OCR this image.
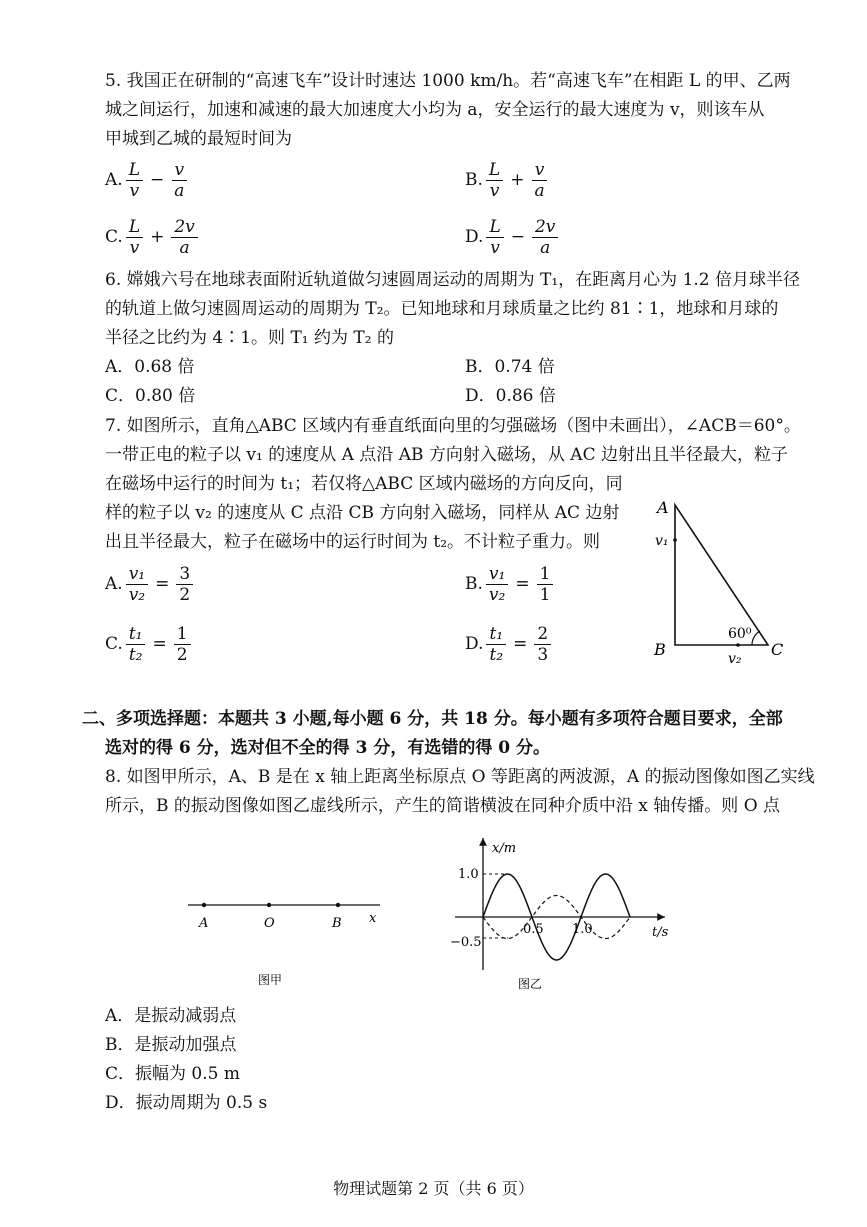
5. 我国正在研制的“高速飞车”设计时速达 1000 km/h。若“高速飞车”在相距 L 的甲、乙两
城之间运行，加速和减速的最大加速度大小均为 a，安全运行的最大速度为 v，则该车从
甲城到乙城的最短时间为
A. $\frac{L}{v} - \frac{v}{a}$	B. $\frac{L}{v} + \frac{v}{a}$
C. $\frac{L}{v} + \frac{2v}{a}$	D. $\frac{L}{v} - \frac{2v}{a}$
6. 嫦娥六号在地球表面附近轨道做匀速圆周运动的周期为 T₁，在距离月心为 1.2 倍月球半径
的轨道上做匀速圆周运动的周期为 T₂。已知地球和月球质量之比约 81∶1，地球和月球的
半径之比约为 4∶1。则 T₁ 约为 T₂ 的
A．0.68 倍	B．0.74 倍
C．0.80 倍	D．0.86 倍
7. 如图所示，直角△ABC 区域内有垂直纸面向里的匀强磁场（图中未画出），∠ACB＝60°。
一带正电的粒子以 v₁ 的速度从 A 点沿 AB 方向射入磁场，从 AC 边射出且半径最大，粒子
在磁场中运行的时间为 t₁；若仅将△ABC 区域内磁场的方向反向，同
样的粒子以 v₂ 的速度从 C 点沿 CB 方向射入磁场，同样从 AC 边射
出且半径最大，粒子在磁场中的运行时间为 t₂。不计粒子重力。则
A. $\frac{\text{v₁}}{\text{v₂}} = \frac{3}{2}$	B. $\frac{\text{v₁}}{\text{v₂}} = \frac{1}{1}$
C. $\frac{\text{t₁}}{\text{t₂}} = \frac{1}{2}$	D. $\frac{\text{t₁}}{\text{t₂}} = \frac{2}{3}$
A
B	C
v₁
v₂
60⁰
二、多项选择题：本题共 3 小题,每小题 6 分，共 18 分。每小题有多项符合题目要求，全部
选对的得 6 分，选对但不全的得 3 分，有选错的得 0 分。
8. 如图甲所示，A、B 是在 x 轴上距离坐标原点 O 等距离的两波源，A 的振动图像如图乙实线
所示，B 的振动图像如图乙虚线所示，产生的简谐横波在同种介质中沿 x 轴传播。则 O 点
A	O	B x
图甲
x/m
t/s
1.0
−0.5
0.5 1.0
图乙
A．是振动减弱点
B．是振动加强点
C．振幅为 0.5 m
D．振动周期为 0.5 s
物理试题第 2 页（共 6 页）
